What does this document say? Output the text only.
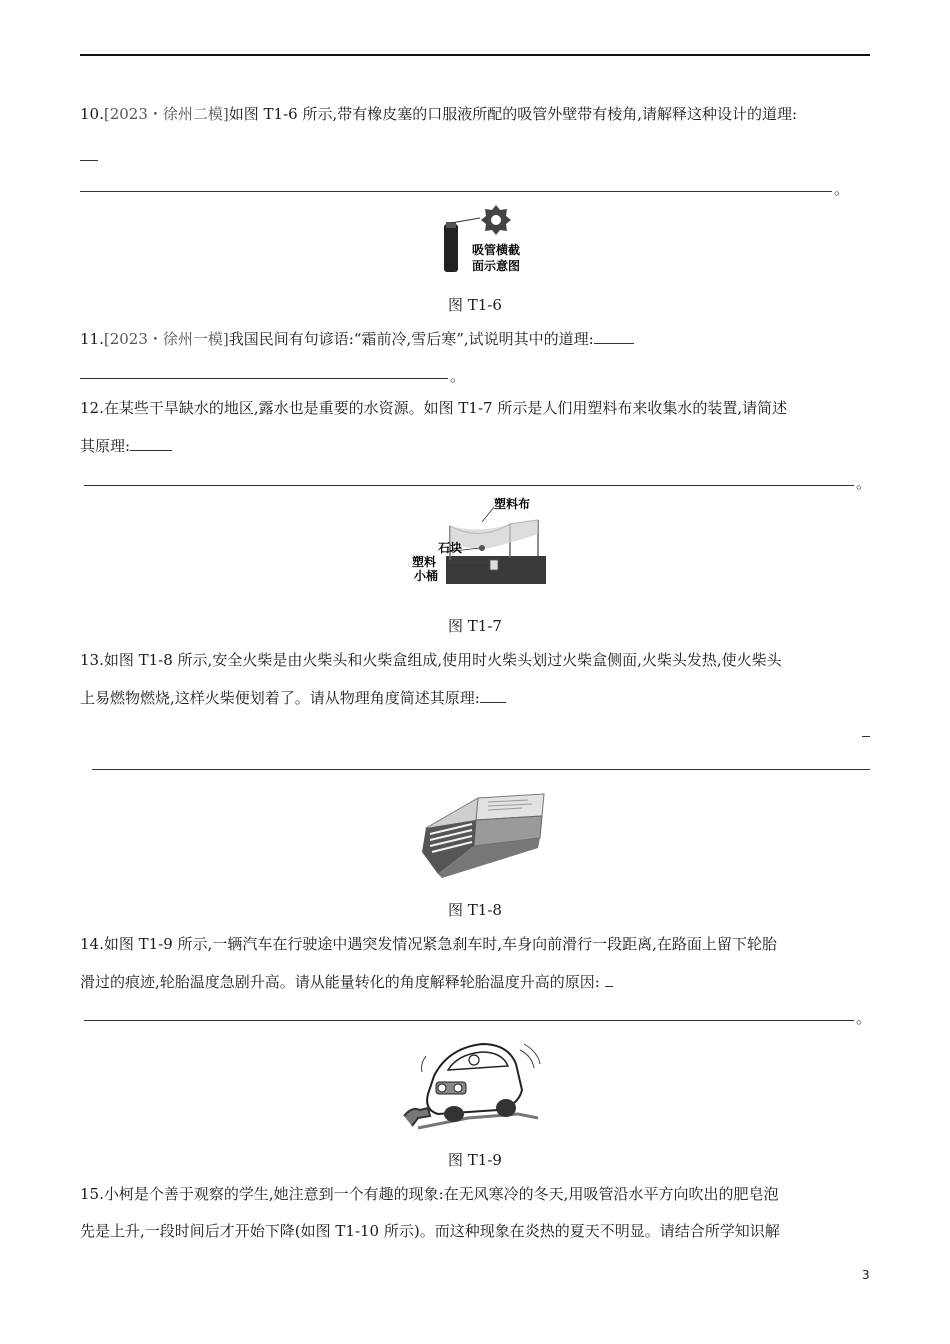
10.[2023・徐州二模]如图 T1-6 所示,带有橡皮塞的口服液所配的吸管外壁带有棱角,请解释这种设计的道理:
。
吸管横截
面示意图
图 T1-6
11.[2023・徐州一模]我国民间有句谚语:“霜前冷,雪后寒”,试说明其中的道理:
。
12.在某些干旱缺水的地区,露水也是重要的水资源。如图 T1-7 所示是人们用塑料布来收集水的装置,请简述
其原理:
。
塑料布
石块
塑料
小桶
图 T1-7
13.如图 T1-8 所示,安全火柴是由火柴头和火柴盒组成,使用时火柴头划过火柴盒侧面,火柴头发热,使火柴头
上易燃物燃烧,这样火柴便划着了。请从物理角度简述其原理:
图 T1-8
14.如图 T1-9 所示,一辆汽车在行驶途中遇突发情况紧急刹车时,车身向前滑行一段距离,在路面上留下轮胎
滑过的痕迹,轮胎温度急剧升高。请从能量转化的角度解释轮胎温度升高的原因:
。
图 T1-9
15.小柯是个善于观察的学生,她注意到一个有趣的现象:在无风寒冷的冬天,用吸管沿水平方向吹出的肥皂泡
先是上升,一段时间后才开始下降(如图 T1-10 所示)。而这种现象在炎热的夏天不明显。请结合所学知识解
3
